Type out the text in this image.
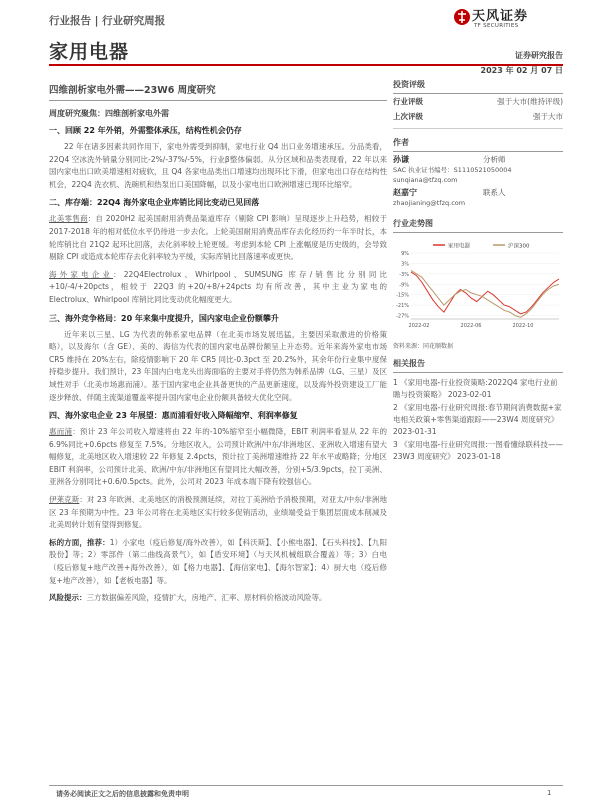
行业报告 | 行业研究周报	天风证券
TF SECURITIES
家用电器	证券研究报告
2023 年 02 月 07 日
四维剖析家电外需——23W6 周度研究
周度研究聚焦：四维剖析家电外需
一、回顾 22 年外销，外需整体承压，结构性机会仍存
22 年在诸多因素共同作用下，家电外需受到抑制，家电行业 Q4 出口业务增速承压。分品类看，22Q4 空冰洗外销量分别同比-2%/-37%/-5%，行业β整体偏弱。从分区域和品类表现看，22 年以来国内家电出口欧美增速相对疲软，且 Q4 各家电品类出口增速均出现环比下滑，但家电出口存在结构性机会，22Q4 洗衣机、洗碗机和热泵出口美国降幅，以及小家电出口欧洲增速已现环比缩窄。
二、库存端：22Q4 海外家电企业库销比同比变动已见回落
北美零售商：自 2020H2 起美国耐用消费品渠道库存（剔除 CPI 影响）呈现逐步上升趋势，相较于 2017-2018 年的相对低位水平仍待进一步去化。上轮美国耐用消费品库存去化经历约一年半时长，本轮库销比自 21Q2 起环比回落，去化斜率较上轮更缓。考虑到本轮 CPI 上涨幅度是历史级的，会导致剔除 CPI 或造成本轮库存去化斜率较为平缓，实际库销比回落速率或更快。
海外家电企业：22Q4Electrolux、Whirlpool、SUMSUNG 库存/销售比分别同比+10/-4/+20pcts，相较于 22Q3 的+20/+8/+24pcts 均有所改善，其中主业为家电的 Electrolux、Whirlpool 库销比同比变动优化幅度更大。
三、海外竞争格局：20 年来集中度提升，国内家电企业份额攀升
近年来以三星、LG 为代表的韩系家电品牌（在北美市场发展迅猛，主要因采取激进的价格策略），以及海尔（含 GE）、美的、海信为代表的国内家电品牌份额呈上升态势。近年来海外家电市场 CR5 维持在 20%左右，除疫情影响下 20 年 CR5 同比-0.3pct 至 20.2%外，其余年份行业集中度保持稳步提升。我们预计，23 年国内白电龙头出海面临的主要对手将仍然为韩系品牌（LG、三星）及区域性对手（北美市场惠而浦）。基于国内家电企业具备更快的产品更新速度，以及海外投资建设工厂能逐步释放、伴随主流渠道覆盖率提升国内家电企业份额具备较大优化空间。
四、海外家电企业 23 年展望：惠而浦看好收入降幅缩窄、利润率修复
惠而浦：预计 23 年公司收入增速将由 22 年的-10%缩窄至小幅微降，EBIT 利润率看显从 22 年的 6.9%同比+0.6pcts 修复至 7.5%。分地区收入，公司预计欧洲/中东/非洲地区、亚洲收入增速有望大幅修复，北美地区收入增速较 22 年修复 2.4pcts，预计拉丁美洲增速维持 22 年水平或略降；分地区 EBIT 利润率，公司预计北美、欧洲/中东/非洲地区有望同比大幅改善，分别+5/3.9pcts，拉丁美洲、亚洲各分别同比+0.6/0.5pcts。此外，公司对 2023 年成本端下降有较强信心。
伊莱克斯：对 23 年欧洲、北美地区的消极预测延续，对拉丁美洲给予消极预期，对亚太/中东/非洲地区 23 年预期为中性。23 年公司将在北美地区实行较多促销活动，业绩端受益于集团层面成本削减及北美周转计划有望得到修复。
标的方面，推荐：1）小家电（疫后修复/海外改善），如【科沃斯】、【小熊电器】、【石头科技】、【九阳股份】等；2）零部件（第二曲线高景气），如【盾安环境】（与天风机械组联合覆盖）等；3）白电（疫后修复+地产改善+海外改善），如【格力电器】、【海信家电】、【海尔智家】；4）厨大电（疫后修复+地产改善），如【老板电器】等。
风险提示：三方数据偏差风险，疫情扩大，房地产、汇率、原材料价格波动风险等。
投资评级
行业评级	强于大市(维持评级)
上次评级	强于大市
作者
孙谦	分析师
SAC 执业证书编号：S1110521050004
sunqiana@tfzq.com
赵嘉宁	联系人
zhaojianing@tfzq.com
行业走势图
家用电器	沪深300
9%
3%
-3%
-9%
-15%
-21%
-27%
2022-02	2022-06	2022-10
资料来源：同花顺数据
相关报告
1 《家用电器-行业投资策略:2022Q4 家电行业前瞻与投资策略》 2023-02-01
2 《家用电器-行业研究周报:春节期间消费数据+家电相关政策+零售渠道跟踪——23W4 周度研究》 2023-01-31
3 《家用电器-行业研究周报:一图看懂绿联科技——23W3 周度研究》 2023-01-18
请务必阅读正文之后的信息披露和免责申明	1
